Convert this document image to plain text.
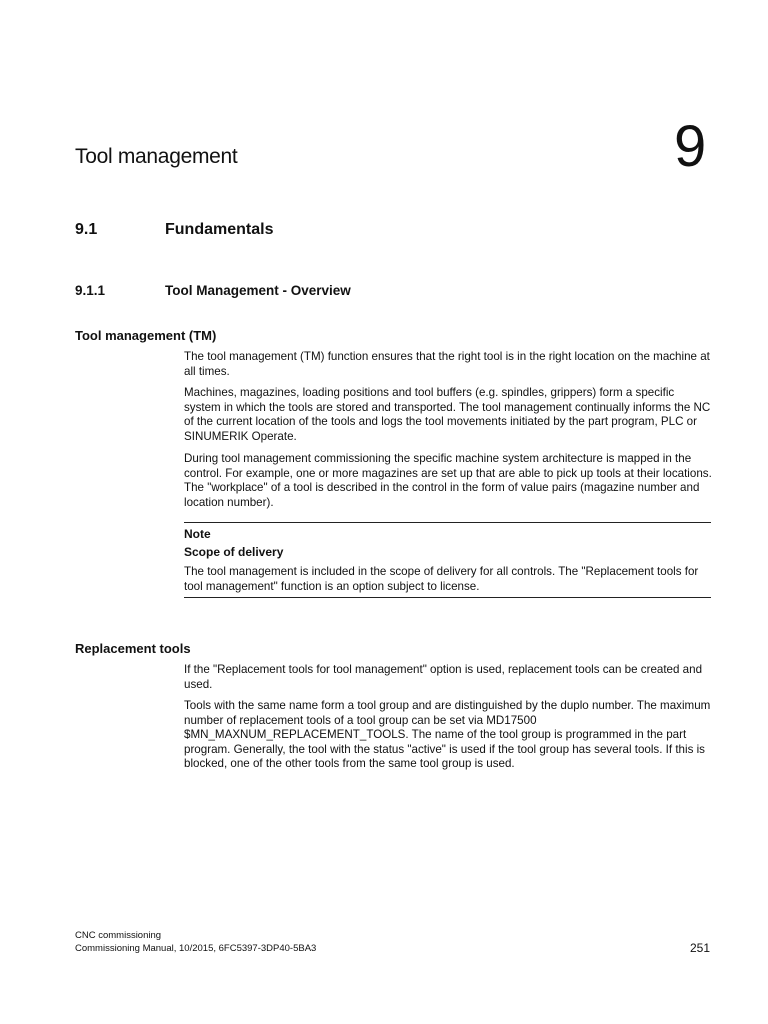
Tool management	9
9.1	Fundamentals
9.1.1	Tool Management - Overview
Tool management (TM)

The tool management (TM) function ensures that the right tool is in the right location on the machine at all times.

Machines, magazines, loading positions and tool buffers (e.g. spindles, grippers) form a specific system in which the tools are stored and transported. The tool management continually informs the NC of the current location of the tools and logs the tool movements initiated by the part program, PLC or SINUMERIK Operate.

During tool management commissioning the specific machine system architecture is mapped in the control. For example, one or more magazines are set up that are able to pick up tools at their locations. The "workplace" of a tool is described in the control in the form of value pairs (magazine number and location number).

Note
Scope of delivery

The tool management is included in the scope of delivery for all controls. The "Replacement tools for tool management" function is an option subject to license.

Replacement tools

If the "Replacement tools for tool management" option is used, replacement tools can be created and used.

Tools with the same name form a tool group and are distinguished by the duplo number. The maximum number of replacement tools of a tool group can be set via MD17500 $MN_MAXNUM_REPLACEMENT_TOOLS. The name of the tool group is programmed in the part program. Generally, the tool with the status "active" is used if the tool group has several tools. If this is blocked, one of the other tools from the same tool group is used.

CNC commissioning
Commissioning Manual, 10/2015, 6FC5397-3DP40-5BA3	251
